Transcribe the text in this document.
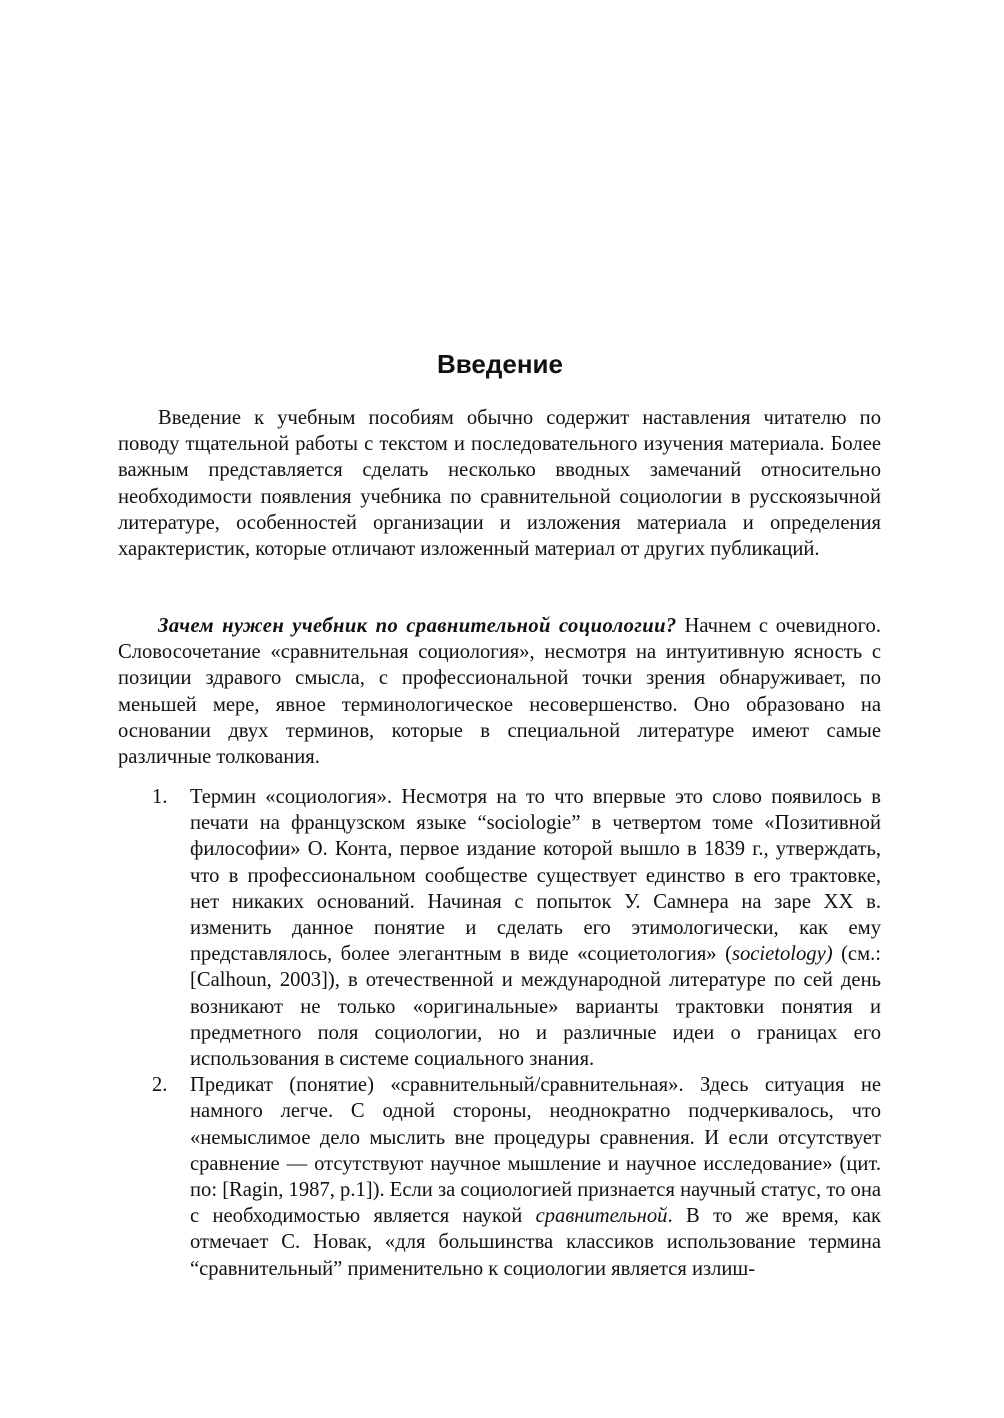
Введение

Введение к учебным пособиям обычно содержит наставления читателю по поводу тщательной работы с текстом и последовательного изучения материала. Более важным представляется сделать несколько вводных замечаний относительно необходимости появления учебника по сравнительной социологии в русскоязычной литературе, особенностей организации и изложения материала и определения характеристик, которые отличают изложенный материал от других публикаций.

Зачем нужен учебник по сравнительной социологии? Начнем с очевидного. Словосочетание «сравнительная социология», несмотря на интуитивную ясность с позиции здравого смысла, с профессиональной точки зрения обнаруживает, по меньшей мере, явное терминологическое несовершенство. Оно образовано на основании двух терминов, которые в специальной литературе имеют самые различные толкования.

1. Термин «социология». Несмотря на то что впервые это слово появилось в печати на французском языке “sociologie” в четвертом томе «Позитивной философии» О. Конта, первое издание которой вышло в 1839 г., утверждать, что в профессиональном сообществе существует единство в его трактовке, нет никаких оснований. Начиная с попыток У. Самнера на заре XX в. изменить данное понятие и сделать его этимологически, как ему представлялось, более элегантным в виде «социетология» (societology) (см.: [Calhoun, 2003]), в отечественной и международной литературе по сей день возникают не только «оригинальные» варианты трактовки понятия и предметного поля социологии, но и различные идеи о границах его использования в системе социального знания.
2. Предикат (понятие) «сравнительный/сравнительная». Здесь ситуация не намного легче. С одной стороны, неоднократно подчеркивалось, что «немыслимое дело мыслить вне процедуры сравнения. И если отсутствует сравнение — отсутствуют научное мышление и научное исследование» (цит. по: [Ragin, 1987, p.1]). Если за социологией признается научный статус, то она с необходимостью является наукой сравнительной. В то же время, как отмечает С. Новак, «для большинства классиков использование термина “сравнительный” применительно к социологии является излиш-
